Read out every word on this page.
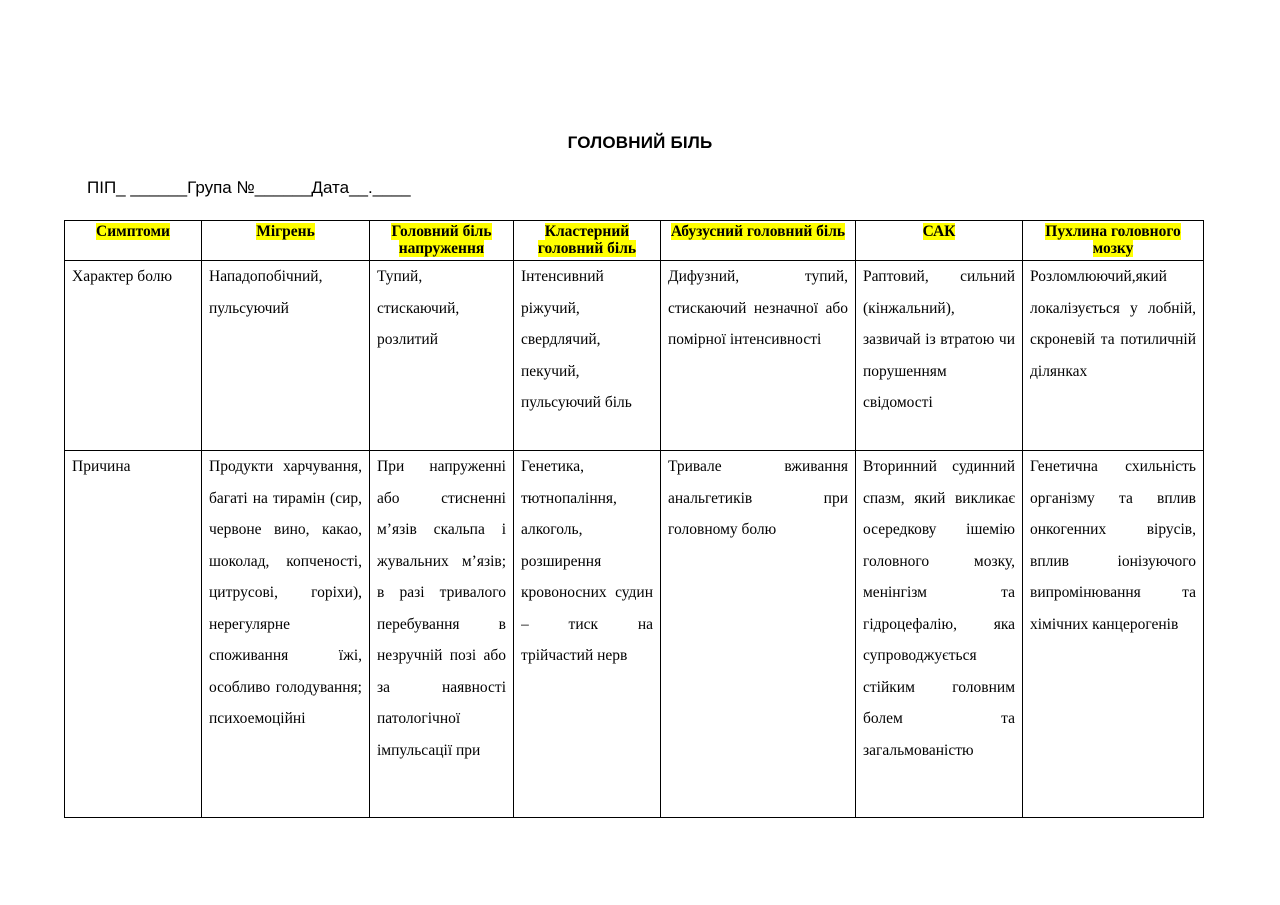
ГОЛОВНИЙ БІЛЬ
ПІП_ ______Група №______Дата__.____
Симптоми	Мігрень	Головний біль напруження	Кластерний головний біль	Абузусний головний біль	САК	Пухлина головного мозку
Характер болю	Нападопобічний, пульсуючий	Тупий, стискаючий, розлитий	Інтенсивний ріжучий, свердлячий, пекучий, пульсуючий біль	Дифузний, тупий, стискаючий незначної або помірної інтенсивності	Раптовий, сильний (кінжальний), зазвичай із втратою чи порушенням свідомості	Розломлюючий,який локалізується у лобній, скроневій та потиличній ділянках
Причина	Продукти харчування, багаті на тирамін (сир, червоне вино, какао, шоколад, копченості, цитрусові, горіхи), нерегулярне споживання їжі, особливо голодування; психоемоційні	При напруженні або стисненні м’язів скальпа і жувальних м’язів; в разі тривалого перебування в незручній позі або за наявності патологічної імпульсації при	Генетика, тютнопаління, алкоголь, розширення кровоносних судин – тиск на трійчастий нерв	Тривале вживання анальгетиків при головному болю	Вторинний судинний спазм, який викликає осередкову ішемію головного мозку, менінгізм та гідроцефалію, яка супроводжується стійким головним болем та загальмованістю	Генетична схильність організму та вплив онкогенних вірусів, вплив іонізуючого випромінювання та хімічних канцерогенів
